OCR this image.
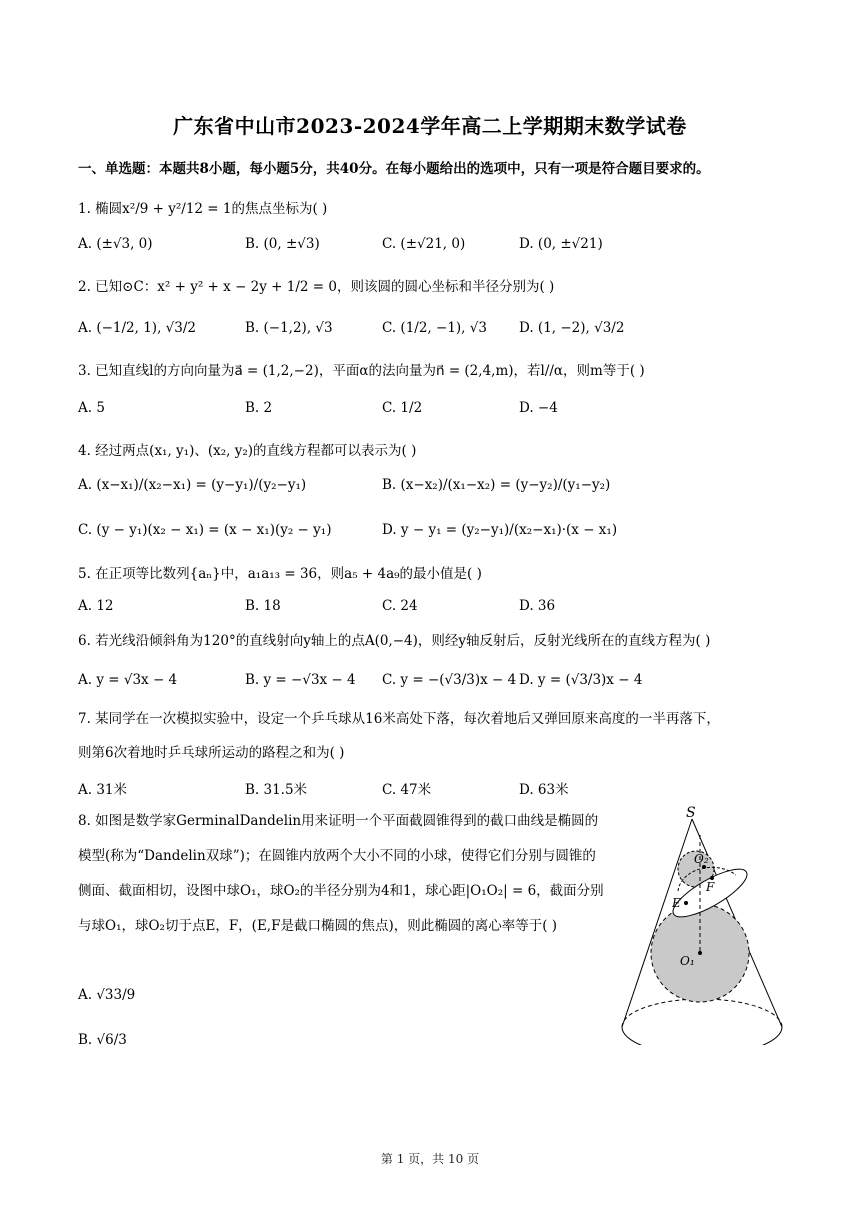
广东省中山市2023-2024学年高二上学期期末数学试卷
一、单选题：本题共8小题，每小题5分，共40分。在每小题给出的选项中，只有一项是符合题目要求的。
1. 椭圆x²/9 + y²/12 = 1的焦点坐标为( )
A. (±√3, 0)	B. (0, ±√3)	C. (±√21, 0)	D. (0, ±√21)
2. 已知⊙C：x² + y² + x − 2y + 1/2 = 0，则该圆的圆心坐标和半径分别为( )
A. (−1/2, 1), √3/2	B. (−1,2), √3	C. (1/2, −1), √3 D. (1, −2), √3/2
3. 已知直线l的方向向量为a⃗ = (1,2,−2)，平面α的法向量为n⃗ = (2,4,m)，若l//α，则m等于( )
A. 5	B. 2	C. 1/2	D. −4
4. 经过两点(x₁, y₁)、(x₂, y₂)的直线方程都可以表示为( )
A. (x−x₁)/(x₂−x₁) = (y−y₁)/(y₂−y₁)	B. (x−x₂)/(x₁−x₂) = (y−y₂)/(y₁−y₂)
C. (y − y₁)(x₂ − x₁) = (x − x₁)(y₂ − y₁)	D. y − y₁ = (y₂−y₁)/(x₂−x₁)·(x − x₁)
5. 在正项等比数列{aₙ}中，a₁a₁₃ = 36，则a₅ + 4a₉的最小值是( )
A. 12	B. 18	C. 24	D. 36
6. 若光线沿倾斜角为120°的直线射向y轴上的点A(0,−4)，则经y轴反射后，反射光线所在的直线方程为( )
A. y = √3x − 4	B. y = −√3x − 4 C. y = −(√3/3)x − 4 D. y = (√3/3)x − 4
7. 某同学在一次模拟实验中，设定一个乒乓球从16米高处下落，每次着地后又弹回原来高度的一半再落下，
则第6次着地时乒乓球所运动的路程之和为( )
A. 31米	B. 31.5米	C. 47米	D. 63米
8. 如图是数学家GerminalDandelin用来证明一个平面截圆锥得到的截口曲线是椭圆的模型(称为“Dandelin双球”)；在圆锥内放两个大小不同的小球，使得它们分别与圆锥的侧面、截面相切，设图中球O₁，球O₂的半径分别为4和1，球心距|O₁O₂| = 6，截面分别与球O₁，球O₂切于点E，F，(E,F是截口椭圆的焦点)，则此椭圆的离心率等于( )
A. √33/9
B. √6/3
S
O₂
F
E
O₁
第 1 页，共 10 页
